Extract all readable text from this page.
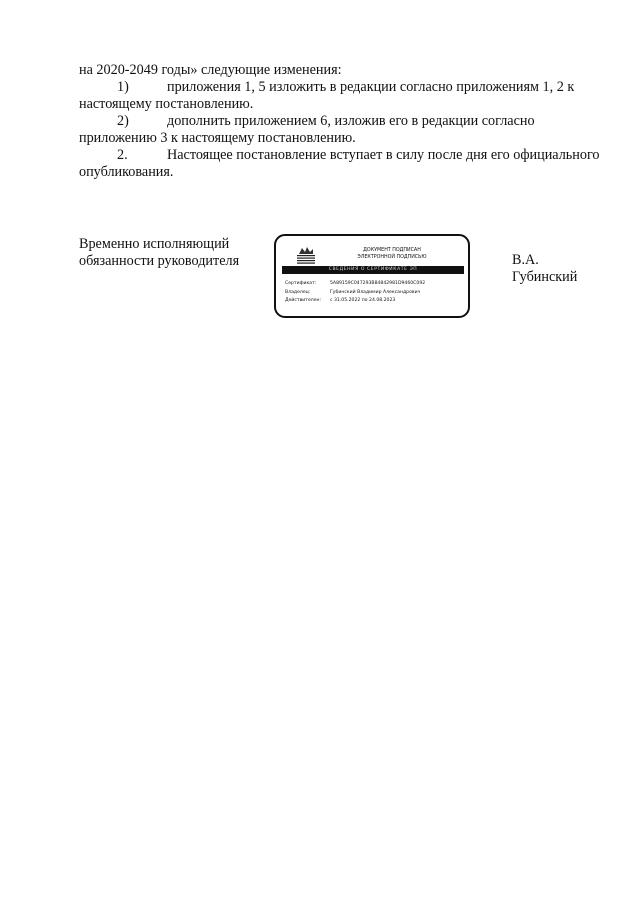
на 2020-2049 годы» следующие изменения:
1)	приложения 1, 5 изложить в редакции согласно приложениям 1, 2 к
настоящему постановлению.
2)	дополнить приложением 6, изложив его в редакции согласно
приложению 3 к настоящему постановлению.
2.	Настоящее постановление вступает в силу после дня его официального
опубликования.
Временно исполняющий
обязанности руководителя
ДОКУМЕНТ ПОДПИСАН
ЭЛЕКТРОННОЙ ПОДПИСЬЮ
СВЕДЕНИЯ О СЕРТИФИКАТЕ ЭП
Сертификат:	5A89159C047293B84842981D9460C092
Владелец:	Губинский Владимир Александрович
Действителен:	с 31.05.2022 по 24.08.2023
В.А.
Губинский
